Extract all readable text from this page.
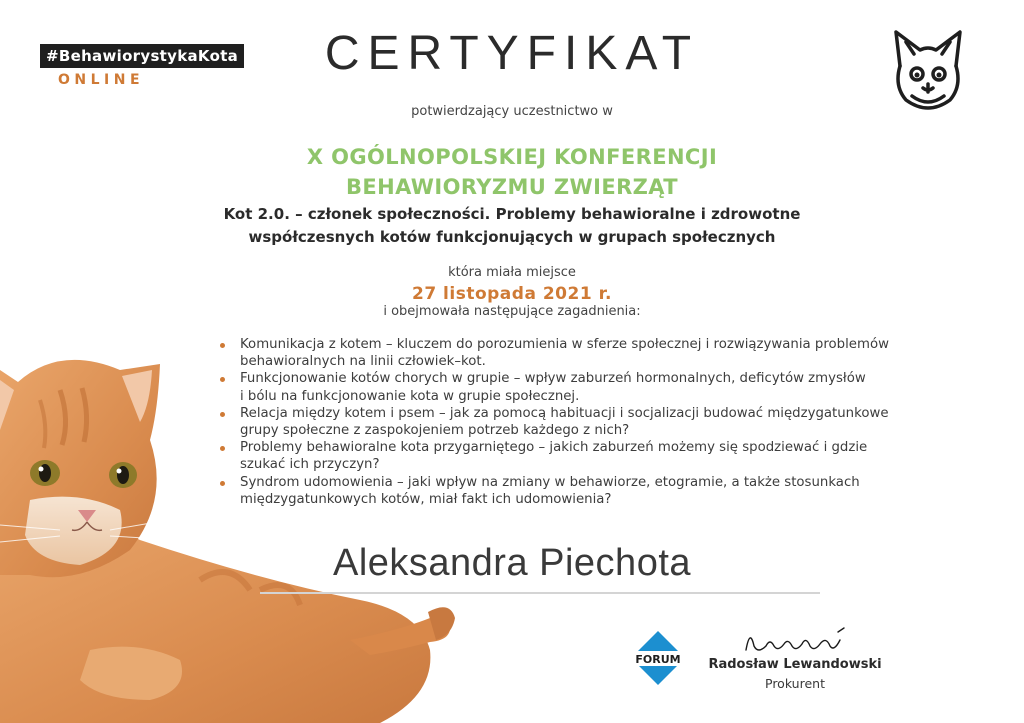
#BehawiorystykaKota
ONLINE	CERTYFIKAT
potwierdzający uczestnictwo w
X OGÓLNOPOLSKIEJ KONFERENCJI
BEHAWIORYZMU ZWIERZĄT
Kot 2.0. – członek społeczności. Problemy behawioralne i zdrowotne
współczesnych kotów funkcjonujących w grupach społecznych
która miała miejsce
27 listopada 2021 r.
i obejmowała następujące zagadnienia:
Komunikacja z kotem – kluczem do porozumienia w sferze społecznej i rozwiązywania problemów
behawioralnych na linii człowiek–kot.
Funkcjonowanie kotów chorych w grupie – wpływ zaburzeń hormonalnych, deficytów zmysłów
i bólu na funkcjonowanie kota w grupie społecznej.
Relacja między kotem i psem – jak za pomocą habituacji i socjalizacji budować międzygatunkowe
grupy społeczne z zaspokojeniem potrzeb każdego z nich?
Problemy behawioralne kota przygarniętego – jakich zaburzeń możemy się spodziewać i gdzie
szukać ich przyczyn?
Syndrom udomowienia – jaki wpływ na zmiany w behawiorze, etogramie, a także stosunkach
międzygatunkowych kotów, miał fakt ich udomowienia?
Aleksandra Piechota
FORUM	Radosław Lewandowski
Prokurent
